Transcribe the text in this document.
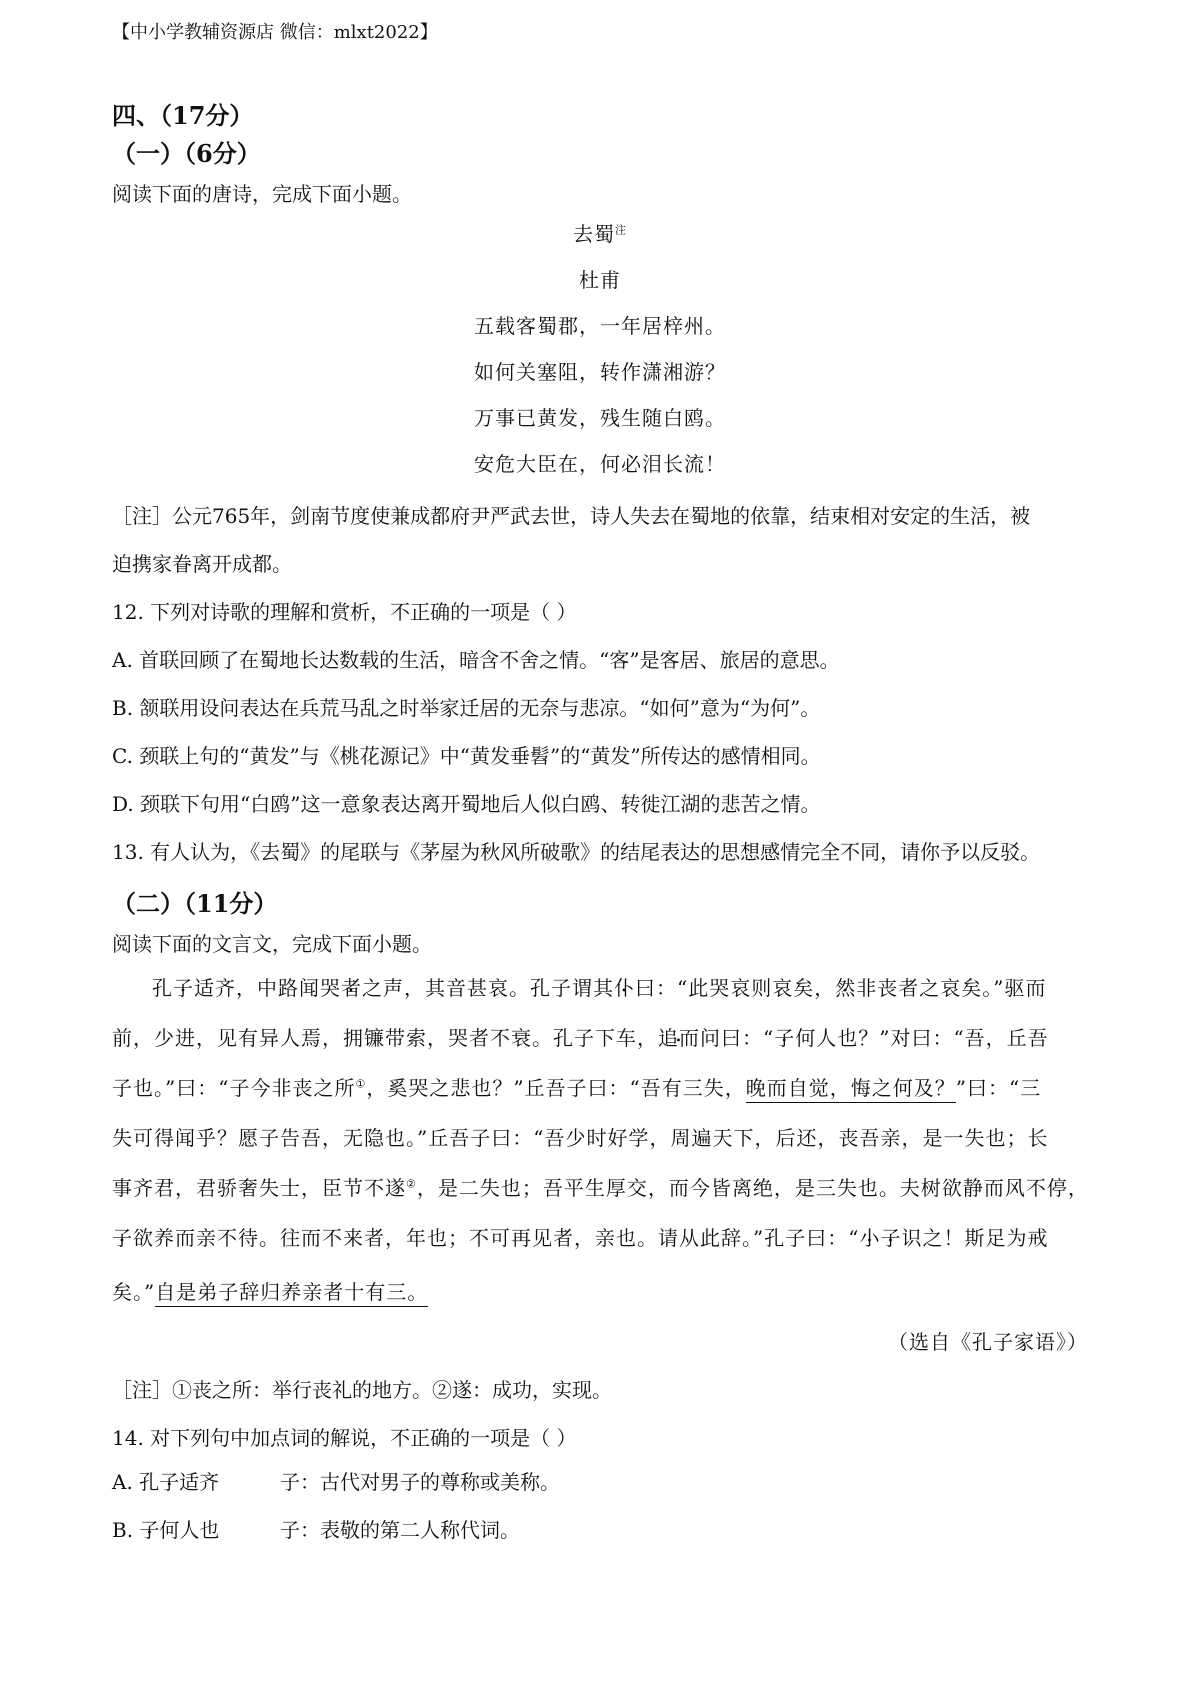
【中小学教辅资源店 微信：mlxt2022】
四、（17分）
（一）（6分）
阅读下面的唐诗，完成下面小题。
去蜀$^注$
杜甫
五载客蜀郡，一年居梓州。
如何关塞阻，转作潇湘游？
万事已黄发，残生随白鸥。
安危大臣在，何必泪长流！
［注］公元765年，剑南节度使兼成都府尹严武去世，诗人失去在蜀地的依靠，结束相对安定的生活，被
迫携家眷离开成都。
12. 下列对诗歌的理解和赏析，不正确的一项是（ ）
A. 首联回顾了在蜀地长达数载的生活，暗含不舍之情。“客”是客居、旅居的意思。
B. 颔联用设问表达在兵荒马乱之时举家迁居的无奈与悲凉。“如何”意为“为何”。
C. 颈联上句的“黄发”与《桃花源记》中“黄发垂髫”的“黄发”所传达的感情相同。
D. 颈联下句用“白鸥”这一意象表达离开蜀地后人似白鸥、转徙江湖的悲苦之情。
13. 有人认为，《去蜀》的尾联与《茅屋为秋风所破歌》的结尾表达的思想感情完全不同，请你予以反驳。
（二）（11分）
阅读下面的文言文，完成下面小题。
孔子 •适齐，中路闻哭者 •之声，其音甚哀。孔子谓其仆 •曰：“此哭哀则哀矣，然 •非丧者之哀矣。”驱而
前，少进，见有异人焉，拥镰带索，哭者不衰。孔子下车，追而 •问曰：“子 •何人也？”对曰：“吾，丘吾
子也。”曰：“子今非丧之所①，奚哭之悲也？”丘吾子曰：“吾有三失，晚而自觉，悔之何及？”曰：“三
失可得闻乎？愿子告吾，无隐也。”丘吾子曰：“吾少时好学，周遍天下，后还，丧吾亲，是一失也；长
事齐君，君骄奢失士，臣节不遂②，是二失也；吾平生厚交，而今皆离绝，是三失也。夫树欲静而风不停，
子 •欲养而亲不待。往而不来者，年也；不可再见者，亲也。请从此辞。”孔子曰：“小 •子 •识之！斯足为戒
矣。”自是弟子辞归养亲者十有三。
（选自《孔子家语》）
［注］①丧之所：举行丧礼的地方。②遂：成功，实现。
14. 对下列句中加点词的解说，不正确的一项是（ ）
A. 孔子 •适齐	子：古代对男子的尊称或美称。
B. 子 •何人也	子：表敬的第二人称代词。
